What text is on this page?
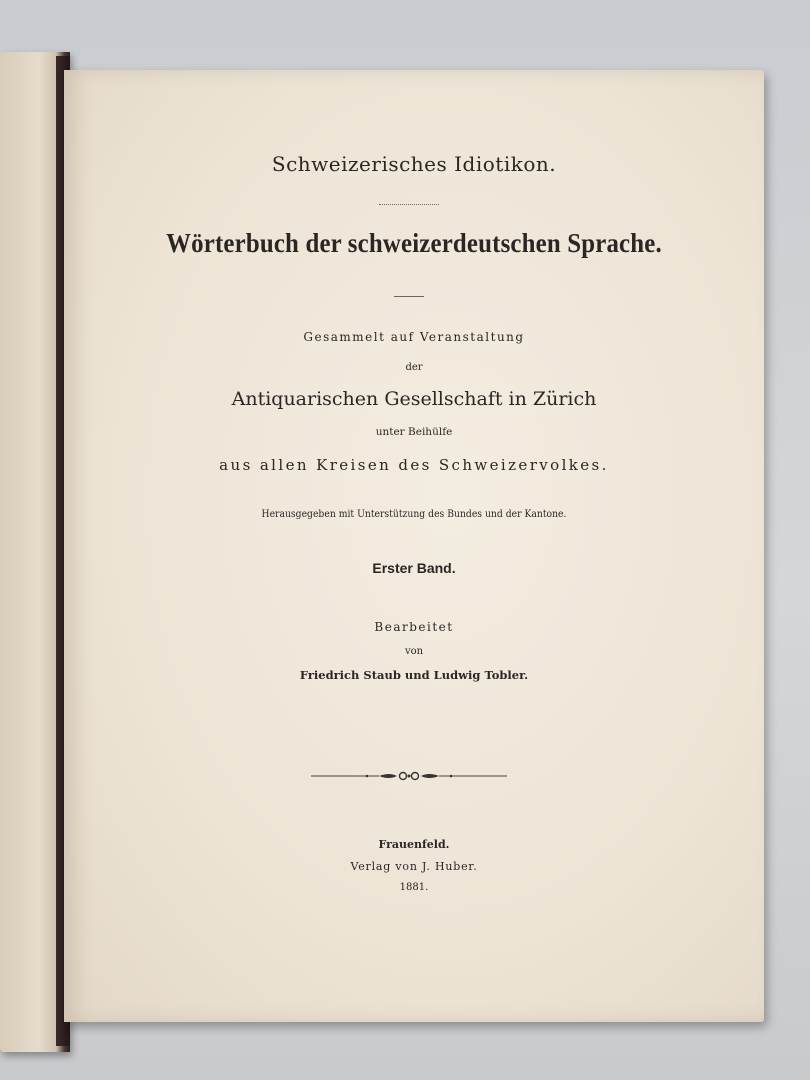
Schweizerisches Idiotikon.
Wörterbuch der schweizerdeutschen Sprache.
Gesammelt auf Veranstaltung
der
Antiquarischen Gesellschaft in Zürich
unter Beihülfe
aus allen Kreisen des Schweizervolkes.
Herausgegeben mit Unterstützung des Bundes und der Kantone.
Erster Band.
Bearbeitet
von
Friedrich Staub und Ludwig Tobler.
Frauenfeld.
Verlag von J. Huber.
1881.
